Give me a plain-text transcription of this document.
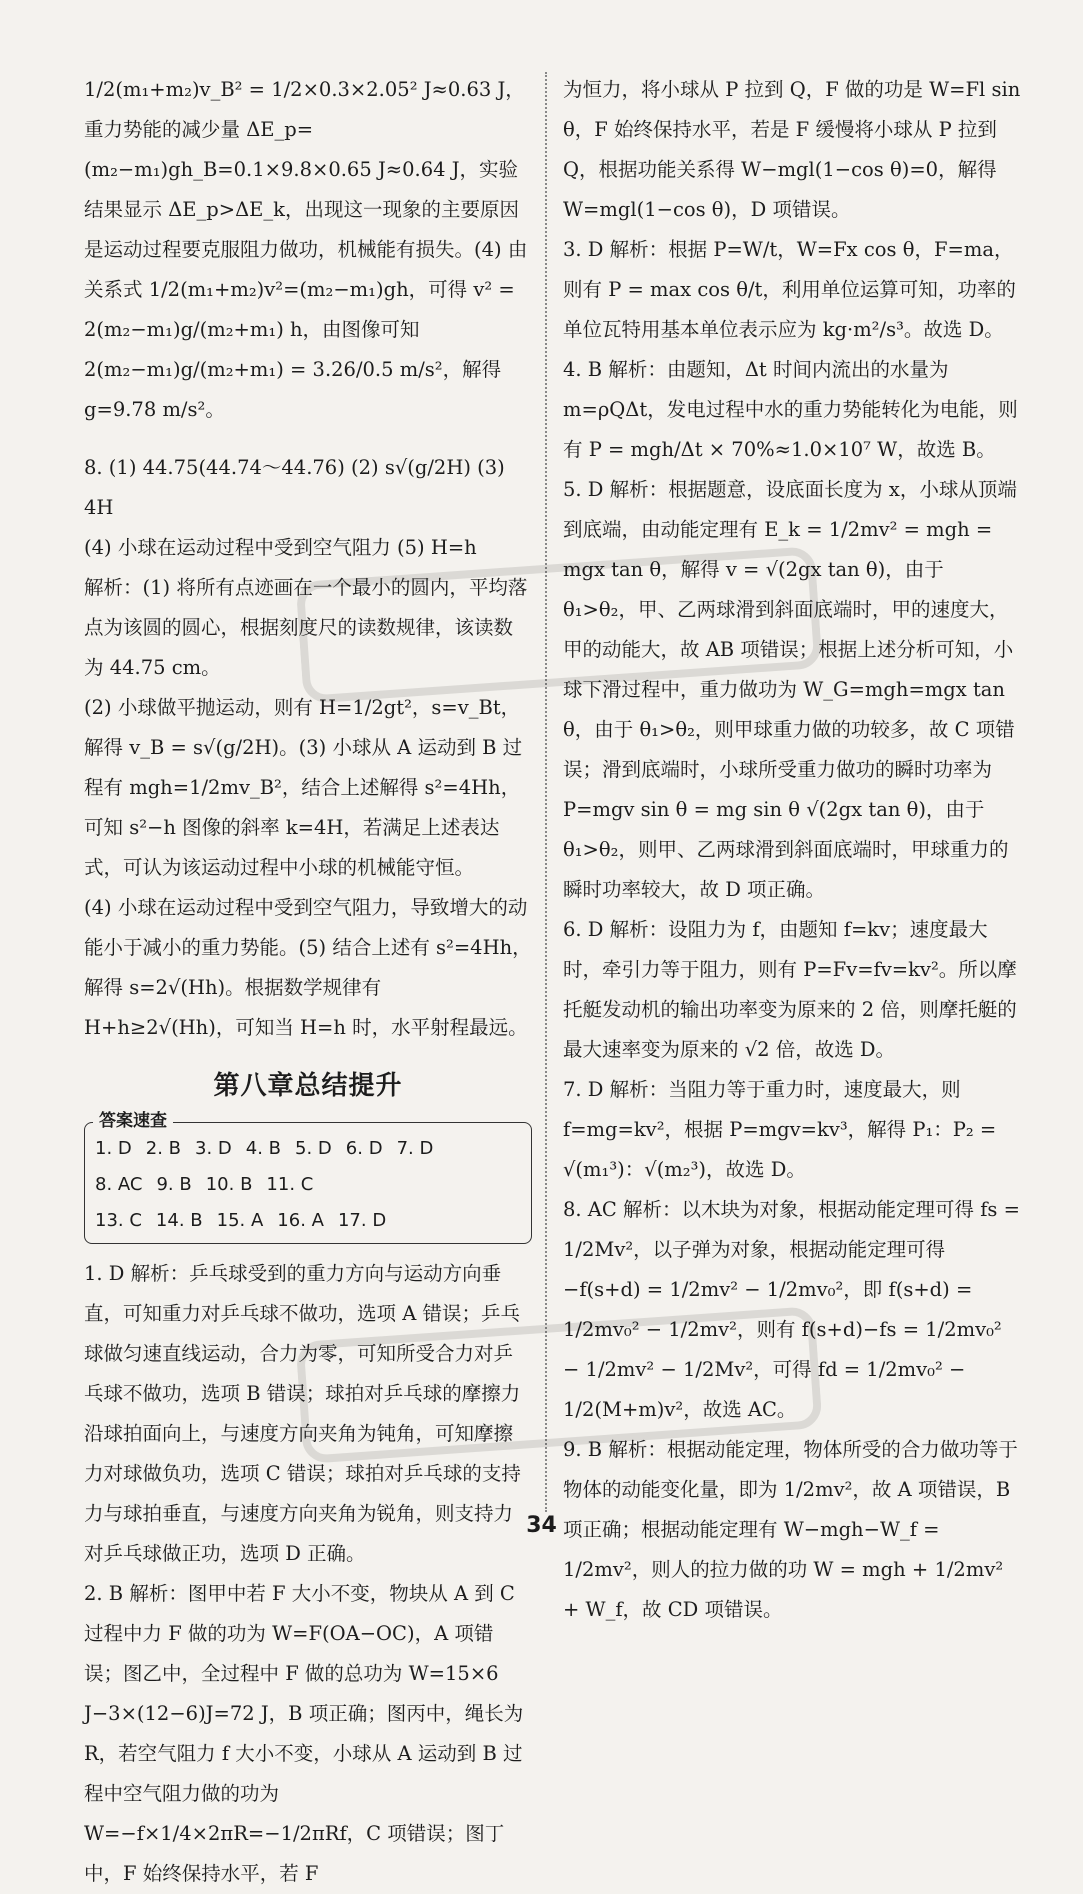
1/2(m₁+m₂)v_B² = 1/2×0.3×2.05² J≈0.63 J，重力势能的减少量 ΔE_p=(m₂−m₁)gh_B=0.1×9.8×0.65 J≈0.64 J，实验结果显示 ΔE_p>ΔE_k，出现这一现象的主要原因是运动过程要克服阻力做功，机械能有损失。(4) 由关系式 1/2(m₁+m₂)v²=(m₂−m₁)gh，可得 v² = 2(m₂−m₁)g/(m₂+m₁) h，由图像可知 2(m₂−m₁)g/(m₂+m₁) = 3.26/0.5 m/s²，解得 g=9.78 m/s²。

8. (1) 44.75(44.74～44.76) (2) s√(g/2H) (3) 4H

(4) 小球在运动过程中受到空气阻力 (5) H=h

解析：(1) 将所有点迹画在一个最小的圆内，平均落点为该圆的圆心，根据刻度尺的读数规律，该读数为 44.75 cm。

(2) 小球做平抛运动，则有 H=1/2gt²，s=v_Bt，解得 v_B = s√(g/2H)。(3) 小球从 A 运动到 B 过程有 mgh=1/2mv_B²，结合上述解得 s²=4Hh，可知 s²−h 图像的斜率 k=4H，若满足上述表达式，可认为该运动过程中小球的机械能守恒。

(4) 小球在运动过程中受到空气阻力，导致增大的动能小于减小的重力势能。(5) 结合上述有 s²=4Hh，解得 s=2√(Hh)。根据数学规律有 H+h≥2√(Hh)，可知当 H=h 时，水平射程最远。

第八章总结提升
答案速查
1. D 2. B 3. D 4. B 5. D 6. D 7. D
8. AC 9. B 10. B 11. C
13. C 14. B 15. A 16. A 17. D

1. D 解析：乒乓球受到的重力方向与运动方向垂直，可知重力对乒乓球不做功，选项 A 错误；乒乓球做匀速直线运动，合力为零，可知所受合力对乒乓球不做功，选项 B 错误；球拍对乒乓球的摩擦力沿球拍面向上，与速度方向夹角为钝角，可知摩擦力对球做负功，选项 C 错误；球拍对乒乓球的支持力与球拍垂直，与速度方向夹角为锐角，则支持力对乒乓球做正功，选项 D 正确。

2. B 解析：图甲中若 F 大小不变，物块从 A 到 C 过程中力 F 做的功为 W=F(OA−OC)，A 项错误；图乙中，全过程中 F 做的总功为 W=15×6 J−3×(12−6)J=72 J，B 项正确；图丙中，绳长为 R，若空气阻力 f 大小不变，小球从 A 运动到 B 过程中空气阻力做的功为 W=−f×1/4×2πR=−1/2πRf，C 项错误；图丁中，F 始终保持水平，若 F

为恒力，将小球从 P 拉到 Q，F 做的功是 W=Fl sin θ，F 始终保持水平，若是 F 缓慢将小球从 P 拉到 Q，根据功能关系得 W−mgl(1−cos θ)=0，解得 W=mgl(1−cos θ)，D 项错误。

3. D 解析：根据 P=W/t，W=Fx cos θ，F=ma，则有 P = max cos θ/t，利用单位运算可知，功率的单位瓦特用基本单位表示应为 kg·m²/s³。故选 D。

4. B 解析：由题知，Δt 时间内流出的水量为 m=ρQΔt，发电过程中水的重力势能转化为电能，则有 P = mgh/Δt × 70%≈1.0×10⁷ W，故选 B。

5. D 解析：根据题意，设底面长度为 x，小球从顶端到底端，由动能定理有 E_k = 1/2mv² = mgh = mgx tan θ，解得 v = √(2gx tan θ)，由于 θ₁>θ₂，甲、乙两球滑到斜面底端时，甲的速度大，甲的动能大，故 AB 项错误；根据上述分析可知，小球下滑过程中，重力做功为 W_G=mgh=mgx tan θ，由于 θ₁>θ₂，则甲球重力做的功较多，故 C 项错误；滑到底端时，小球所受重力做功的瞬时功率为 P=mgv sin θ = mg sin θ √(2gx tan θ)，由于 θ₁>θ₂，则甲、乙两球滑到斜面底端时，甲球重力的瞬时功率较大，故 D 项正确。

6. D 解析：设阻力为 f，由题知 f=kv；速度最大时，牵引力等于阻力，则有 P=Fv=fv=kv²。所以摩托艇发动机的输出功率变为原来的 2 倍，则摩托艇的最大速率变为原来的 √2 倍，故选 D。

7. D 解析：当阻力等于重力时，速度最大，则 f=mg=kv²，根据 P=mgv=kv³，解得 P₁：P₂ = √(m₁³)：√(m₂³)，故选 D。

8. AC 解析：以木块为对象，根据动能定理可得 fs = 1/2Mv²，以子弹为对象，根据动能定理可得 −f(s+d) = 1/2mv² − 1/2mv₀²，即 f(s+d) = 1/2mv₀² − 1/2mv²，则有 f(s+d)−fs = 1/2mv₀² − 1/2mv² − 1/2Mv²，可得 fd = 1/2mv₀² − 1/2(M+m)v²，故选 AC。

9. B 解析：根据动能定理，物体所受的合力做功等于物体的动能变化量，即为 1/2mv²，故 A 项错误，B 项正确；根据动能定理有 W−mgh−W_f = 1/2mv²，则人的拉力做的功 W = mgh + 1/2mv² + W_f，故 CD 项错误。

34
